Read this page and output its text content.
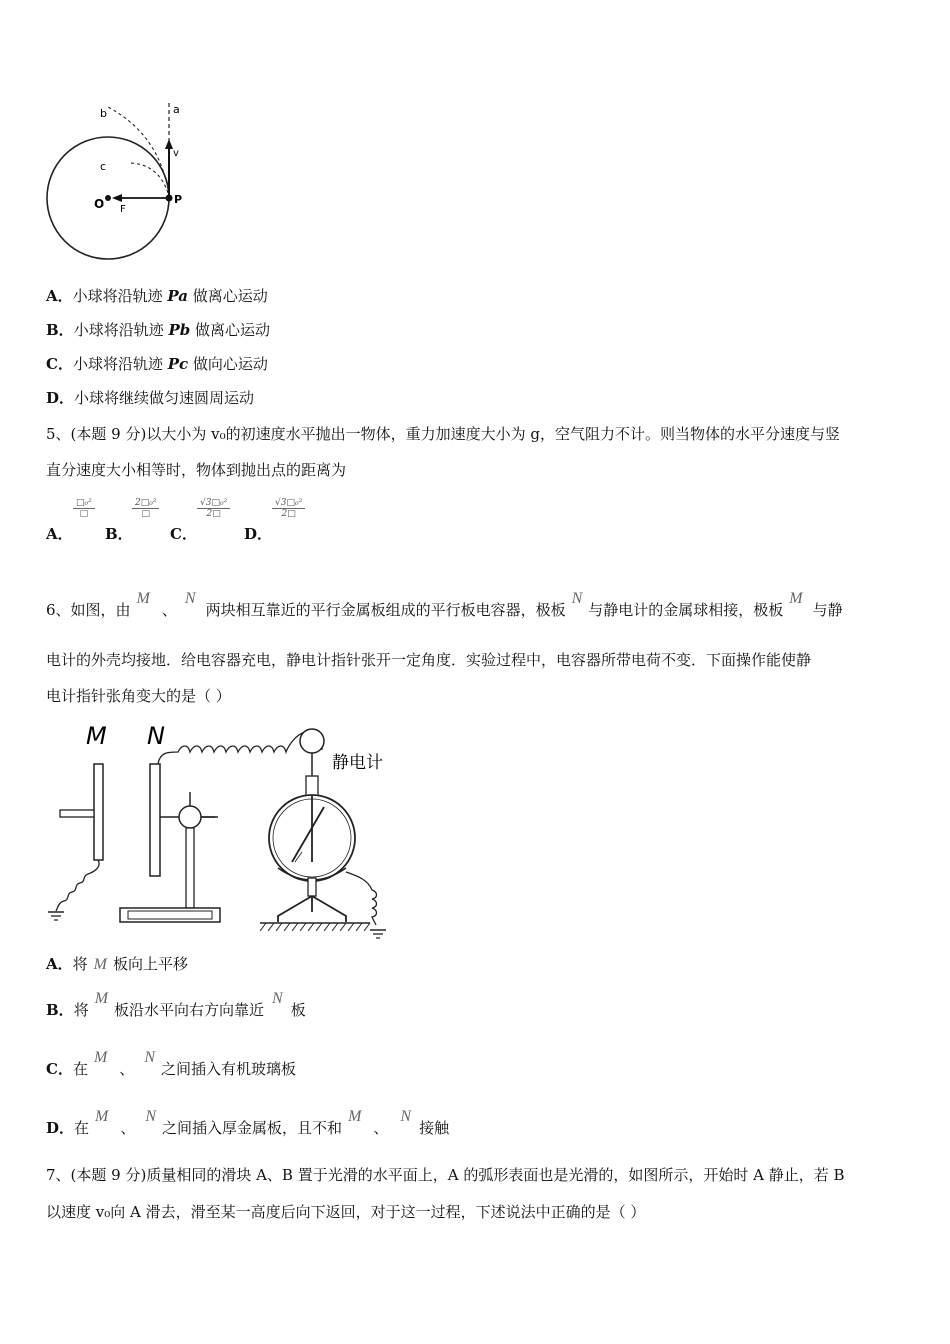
a
b
c
v
O F
P
A．小球将沿轨迹 Pa 做离心运动
B．小球将沿轨迹 Pb 做离心运动
C．小球将沿轨迹 Pc 做向心运动
D．小球将继续做匀速圆周运动
5、(本题 9 分)以大小为 v₀的初速度水平抛出一物体，重力加速度大小为 g，空气阻力不计。则当物体的水平分速度与竖
直分速度大小相等时，物体到抛出点的距离为
A．
□₀²
□
B．
2□₀²
□
C．
$\frac{\text{√3□₀²}}{2□}$
D．
$\frac{\text{√3□₀²}}{2□}$
6、如图，由M、N两块相互靠近的平行金属板组成的平行板电容器，极板N与静电计的金属球相接，极板M与静
电计的外壳均接地．给电容器充电，静电计指针张开一定角度．实验过程中，电容器所带电荷不变．下面操作能使静
电计指针张角变大的是（ ）
M N
静电计
A．将 M 板向上平移
B．将M板沿水平向右方向靠近N板
C．在M、N之间插入有机玻璃板
D．在M、N之间插入厚金属板，且不和M、N接触
7、(本题 9 分)质量相同的滑块 A、B 置于光滑的水平面上，A 的弧形表面也是光滑的，如图所示，开始时 A 静止，若 B
以速度 v₀向 A 滑去，滑至某一高度后向下返回，对于这一过程，下述说法中正确的是（ ）
